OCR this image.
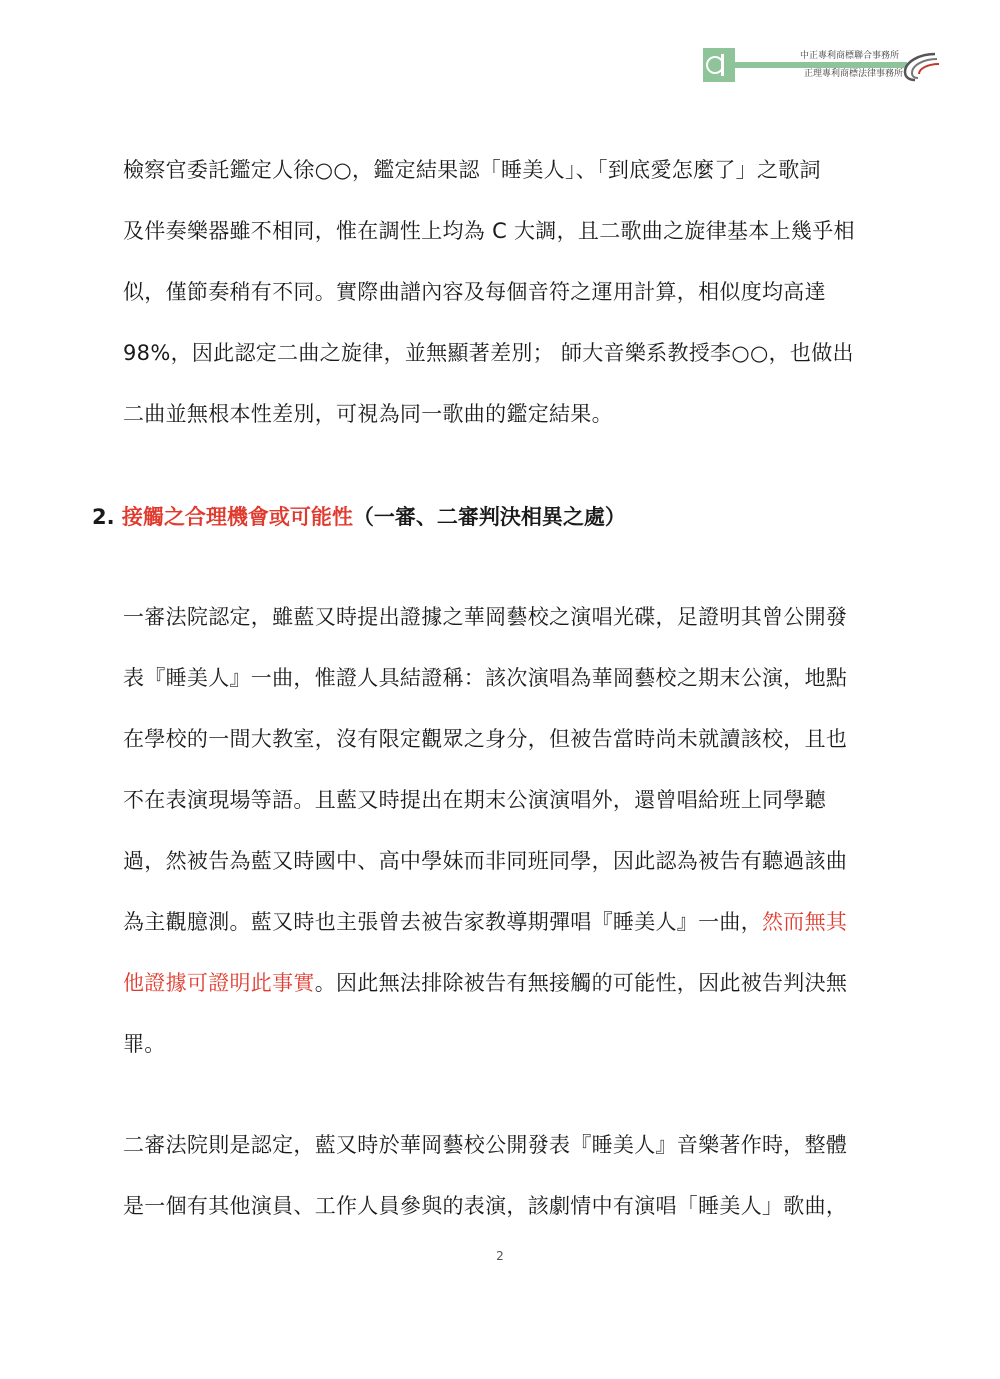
中正專利商標聯合事務所
正理專利商標法律事務所
檢察官委託鑑定人徐○○，鑑定結果認「睡美人」、「到底愛怎麼了」之歌詞
及伴奏樂器雖不相同，惟在調性上均為 C 大調，且二歌曲之旋律基本上幾乎相
似，僅節奏稍有不同。實際曲譜內容及每個音符之運用計算，相似度均高達
98%，因此認定二曲之旋律，並無顯著差別； 師大音樂系教授李○○，也做出
二曲並無根本性差別，可視為同一歌曲的鑑定結果。
2. 接觸之合理機會或可能性（一審、二審判決相異之處）
一審法院認定，雖藍又時提出證據之華岡藝校之演唱光碟，足證明其曾公開發
表『睡美人』一曲，惟證人具結證稱：該次演唱為華岡藝校之期末公演，地點
在學校的一間大教室，沒有限定觀眾之身分，但被告當時尚未就讀該校，且也
不在表演現場等語。且藍又時提出在期末公演演唱外，還曾唱給班上同學聽
過，然被告為藍又時國中、高中學妹而非同班同學，因此認為被告有聽過該曲
為主觀臆測。藍又時也主張曾去被告家教導期彈唱『睡美人』一曲，然而無其
他證據可證明此事實。因此無法排除被告有無接觸的可能性，因此被告判決無
罪。
二審法院則是認定，藍又時於華岡藝校公開發表『睡美人』音樂著作時，整體
是一個有其他演員、工作人員參與的表演，該劇情中有演唱「睡美人」歌曲，
2
